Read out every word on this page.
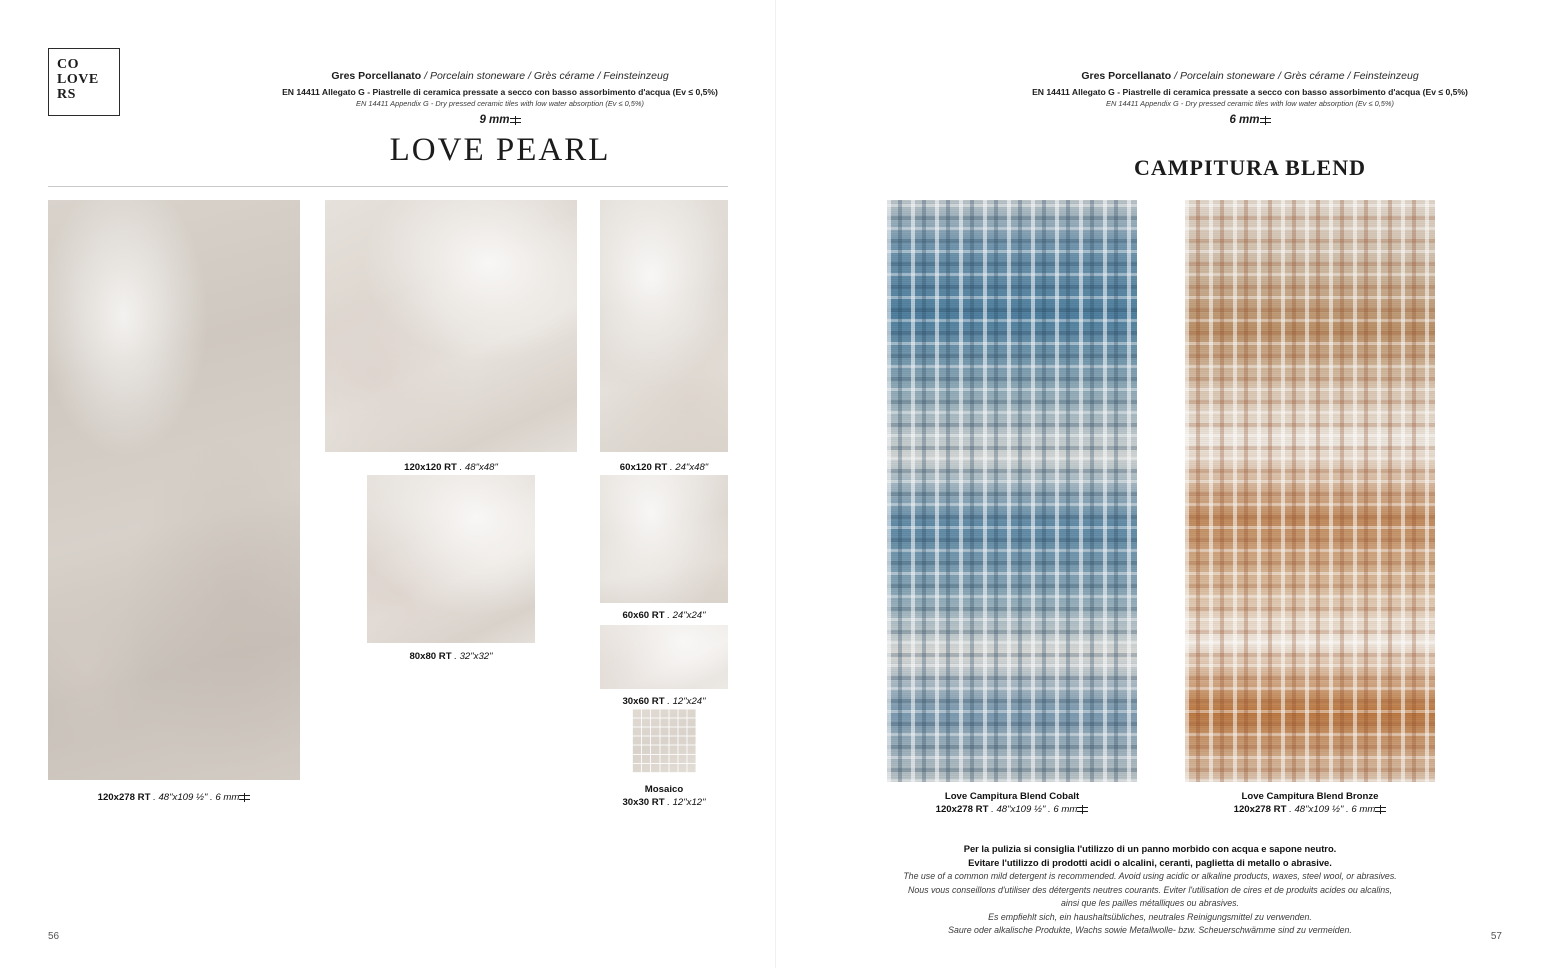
CO
LOVE
RS
Gres Porcellanato / Porcelain stoneware / Grès cérame / Feinsteinzeug
EN 14411 Allegato G - Piastrelle di ceramica pressate a secco con basso assorbimento d'acqua (Ev ≤ 0,5%)
EN 14411 Appendix G - Dry pressed ceramic tiles with low water absorption (Ev ≤ 0,5%)
9 mm
LOVE PEARL
120x278 RT . 48"x109 ½" . 6 mm
120x120 RT . 48"x48"	60x120 RT . 24"x48"
80x80 RT . 32"x32"
60x60 RT . 24"x24"
30x60 RT . 12"x24"
Mosaico
30x30 RT . 12"x12"
Gres Porcellanato / Porcelain stoneware / Grès cérame / Feinsteinzeug
EN 14411 Allegato G - Piastrelle di ceramica pressate a secco con basso assorbimento d'acqua (Ev ≤ 0,5%)
EN 14411 Appendix G - Dry pressed ceramic tiles with low water absorption (Ev ≤ 0,5%)
6 mm
CAMPITURA BLEND
Love Campitura Blend Cobalt
120x278 RT . 48"x109 ½" . 6 mm
Love Campitura Blend Bronze
120x278 RT . 48"x109 ½" . 6 mm
Per la pulizia si consiglia l'utilizzo di un panno morbido con acqua e sapone neutro.
Evitare l'utilizzo di prodotti acidi o alcalini, ceranti, paglietta di metallo o abrasive.
The use of a common mild detergent is recommended. Avoid using acidic or alkaline products, waxes, steel wool, or abrasives.
Nous vous conseillons d'utiliser des détergents neutres courants. Eviter l'utilisation de cires et de produits acides ou alcalins,
ainsi que les pailles métalliques ou abrasives.
Es empfiehlt sich, ein haushaltsübliches, neutrales Reinigungsmittel zu verwenden.
Saure oder alkalische Produkte, Wachs sowie Metallwolle- bzw. Scheuerschwämme sind zu vermeiden.
56	57
